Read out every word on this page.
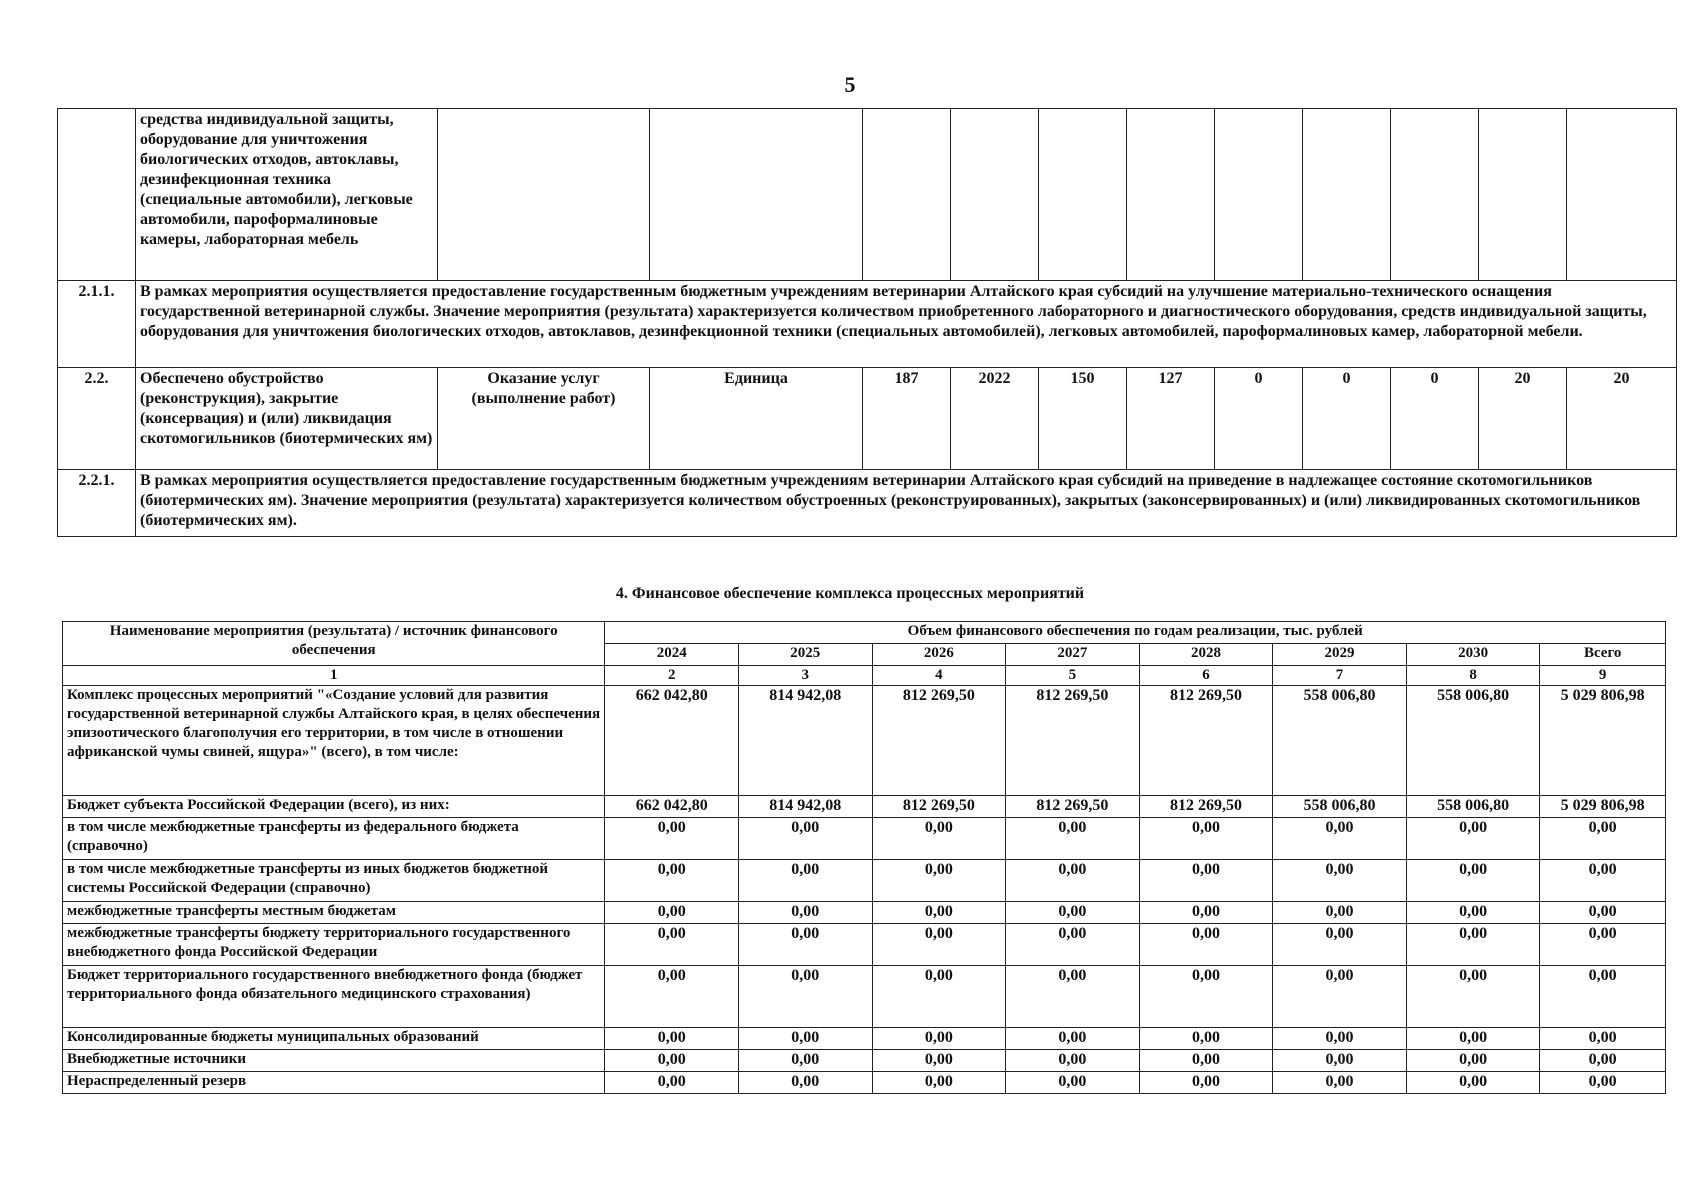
5
	средства индивидуальной защиты, оборудование для уничтожения биологических отходов, автоклавы, дезинфекционная техника (специальные автомобили), легковые автомобили, пароформалиновые камеры, лабораторная мебель											
2.1.1.	В рамках мероприятия осуществляется предоставление государственным бюджетным учреждениям ветеринарии Алтайского края субсидий на улучшение материально-технического оснащения государственной ветеринарной службы. Значение мероприятия (результата) характеризуется количеством приобретенного лабораторного и диагностического оборудования, средств индивидуальной защиты, оборудования для уничтожения биологических отходов, автоклавов, дезинфекционной техники (специальных автомобилей), легковых автомобилей, пароформалиновых камер, лабораторной мебели.											
2.2.	Обеспечено обустройство (реконструкция), закрытие (консервация) и (или) ликвидация скотомогильников (биотермических ям)	Оказание услуг (выполнение работ)	Единица	187	2022	150	127	0	0	0	20	20
2.2.1.	В рамках мероприятия осуществляется предоставление государственным бюджетным учреждениям ветеринарии Алтайского края субсидий на приведение в надлежащее состояние скотомогильников (биотермических ям). Значение мероприятия (результата) характеризуется количеством обустроенных (реконструированных), закрытых (законсервированных) и (или) ликвидированных скотомогильников (биотермических ям).											
4. Финансовое обеспечение комплекса процессных мероприятий
Наименование мероприятия (результата) / источник финансового обеспечения	Объем финансового обеспечения по годам реализации, тыс. рублей							
	2024	2025	2026	2027	2028	2029	2030	Всего
1	2	3	4	5	6	7	8	9
Комплекс процессных мероприятий "«Создание условий для развития государственной ветеринарной службы Алтайского края, в целях обеспечения эпизоотического благополучия его территории, в том числе в отношении африканской чумы свиней, ящура»" (всего), в том числе:	662 042,80	814 942,08	812 269,50	812 269,50	812 269,50	558 006,80	558 006,80	5 029 806,98
Бюджет субъекта Российской Федерации (всего), из них:	662 042,80	814 942,08	812 269,50	812 269,50	812 269,50	558 006,80	558 006,80	5 029 806,98
в том числе межбюджетные трансферты из федерального бюджета (справочно)	0,00	0,00	0,00	0,00	0,00	0,00	0,00	0,00
в том числе межбюджетные трансферты из иных бюджетов бюджетной системы Российской Федерации (справочно)	0,00	0,00	0,00	0,00	0,00	0,00	0,00	0,00
межбюджетные трансферты местным бюджетам	0,00	0,00	0,00	0,00	0,00	0,00	0,00	0,00
межбюджетные трансферты бюджету территориального государственного внебюджетного фонда Российской Федерации	0,00	0,00	0,00	0,00	0,00	0,00	0,00	0,00
Бюджет территориального государственного внебюджетного фонда (бюджет территориального фонда обязательного медицинского страхования)	0,00	0,00	0,00	0,00	0,00	0,00	0,00	0,00
Консолидированные бюджеты муниципальных образований	0,00	0,00	0,00	0,00	0,00	0,00	0,00	0,00
Внебюджетные источники	0,00	0,00	0,00	0,00	0,00	0,00	0,00	0,00
Нераспределенный резерв	0,00	0,00	0,00	0,00	0,00	0,00	0,00	0,00
